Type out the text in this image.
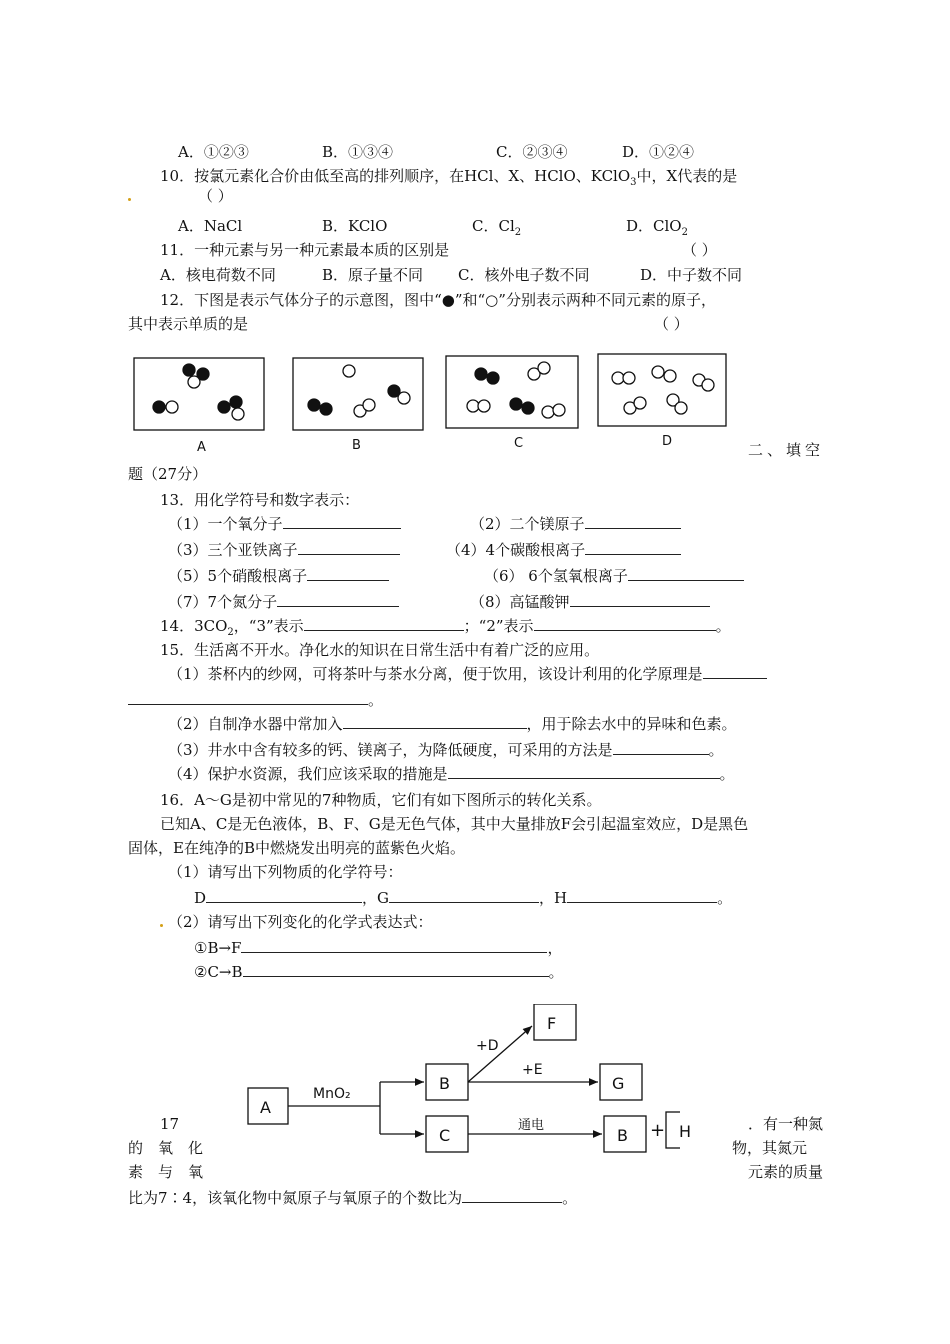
A．①②③	B．①③④	C．②③④	D．①②④
10．按氯元素化合价由低至高的排列顺序，在HCl、X、HClO、KClO$_3$中，X代表的是
（ ）
A．NaCl	B．KClO	C．$Cl_2$	D．ClO$_2$
11．一种元素与另一种元素最本质的区别是	（ ）
A．核电荷数不同	B．原子量不同 C．核外电子数不同	D．中子数不同
12．下图是表示气体分子的示意图，图中“●”和“○”分别表示两种不同元素的原子，
其中表示单质的是	（ ）
A	B	C	D	二、填空
题（27分）
13．用化学符号和数字表示：
（1）一个氧分子	（2）二个镁原子
（3）三个亚铁离子	（4）4个碳酸根离子
（5）5个硝酸根离子	（6） 6个氢氧根离子
（7）7个氮分子	（8）高锰酸钾
14．$3CO_2$，“3”表示	；“2”表示	。
15．生活离不开水。净化水的知识在日常生活中有着广泛的应用。
（1）茶杯内的纱网，可将茶叶与茶水分离，便于饮用，该设计利用的化学原理是
。
（2）自制净水器中常加入	，用于除去水中的异味和色素。
（3）井水中含有较多的钙、镁离子，为降低硬度，可采用的方法是	。
（4）保护水资源，我们应该采取的措施是	。
16．A～G是初中常见的7种物质，它们有如下图所示的转化关系。
已知A、C是无色液体，B、F、G是无色气体，其中大量排放F会引起温室效应，D是黑色
固体，E在纯净的B中燃烧发出明亮的蓝紫色火焰。
（1）请写出下列物质的化学符号：
D	，G	，H	。
（2）请写出下列变化的化学式表达式：
①B→F	，
②C→B	。
A
B
C
F
G
B	H
+
MnO₂
+D
+E
通电
17	．有一种氮
的　氧　化	物，其氮元
素　与　氧	元素的质量
比为7∶4，该氧化物中氮原子与氧原子的个数比为	。
